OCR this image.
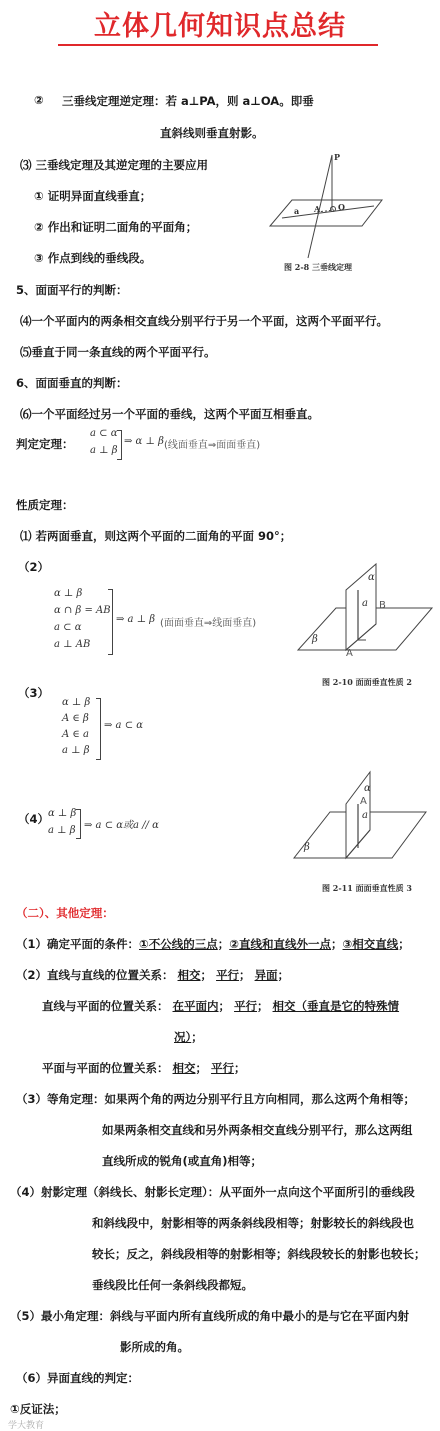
立体几何知识点总结
② 三垂线定理逆定理：若 a⊥PA，则 a⊥OA。即垂
直斜线则垂直射影。
⑶ 三垂线定理及其逆定理的主要应用
① 证明异面直线垂直；
② 作出和证明二面角的平面角；
③ 作点到线的垂线段。
P
A O
a
图 2-8 三垂线定理
5、面面平行的判断：
⑷一个平面内的两条相交直线分别平行于另一个平面，这两个平面平行。
⑸垂直于同一条直线的两个平面平行。
6、面面垂直的判断：
⑹一个平面经过另一个平面的垂线，这两个平面互相垂直。
判定定理：
a ⊂ α
a ⊥ β
⇒ α ⊥ β (线面垂直⇒面面垂直)
性质定理：
⑴ 若两面垂直，则这两个平面的二面角的平面 90°；
（2）
α ⊥ β
α ∩ β = AB
a ⊂ α
a ⊥ AB
⇒ a ⊥ β (面面垂直⇒线面垂直)
α
a B
A
β
图 2-10 面面垂直性质 2
（3）
α ⊥ β
A ∈ β
A ∈ a
a ⊥ β
⇒ a ⊂ α
（4）
α ⊥ β
a ⊥ β ⇒ a ⊂ α或a // α
α
A
a
β
图 2-11 面面垂直性质 3
（二）、其他定理：
（1）确定平面的条件：①不公线的三点；②直线和直线外一点；③相交直线；
（2）直线与直线的位置关系： 相交； 平行； 异面；
直线与平面的位置关系： 在平面内； 平行； 相交（垂直是它的特殊情
况）；
平面与平面的位置关系： 相交； 平行；
（3）等角定理：如果两个角的两边分别平行且方向相同，那么这两个角相等；
如果两条相交直线和另外两条相交直线分别平行，那么这两组
直线所成的锐角(或直角)相等；
（4）射影定理（斜线长、射影长定理）：从平面外一点向这个平面所引的垂线段
和斜线段中，射影相等的两条斜线段相等；射影较长的斜线段也
较长；反之，斜线段相等的射影相等；斜线段较长的射影也较长；
垂线段比任何一条斜线段都短。
（5）最小角定理：斜线与平面内所有直线所成的角中最小的是与它在平面内射
影所成的角。
（6）异面直线的判定：
①反证法；
学大教育
